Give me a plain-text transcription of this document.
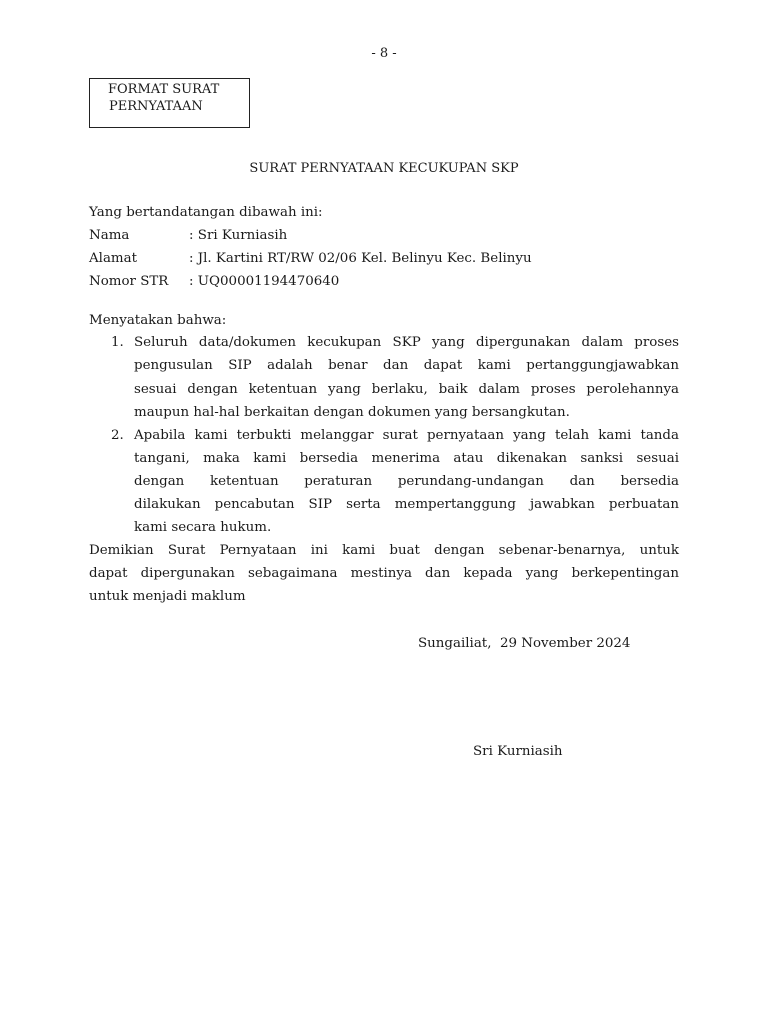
- 8 -
FORMAT SURAT
PERNYATAAN
SURAT PERNYATAAN KECUKUPAN SKP
Yang bertandatangan dibawah ini:
Nama	: Sri Kurniasih
Alamat	: Jl. Kartini RT/RW 02/06 Kel. Belinyu Kec. Belinyu
Nomor STR : UQ00001194470640
Menyatakan bahwa:
1. Seluruh data/dokumen kecukupan SKP yang dipergunakan dalam proses
pengusulan SIP adalah benar dan dapat kami pertanggungjawabkan
sesuai dengan ketentuan yang berlaku, baik dalam proses perolehannya
maupun hal-hal berkaitan dengan dokumen yang bersangkutan.
2. Apabila kami terbukti melanggar surat pernyataan yang telah kami tanda
tangani, maka kami bersedia menerima atau dikenakan sanksi sesuai
dengan ketentuan peraturan perundang-undangan dan bersedia
dilakukan pencabutan SIP serta mempertanggung jawabkan perbuatan
kami secara hukum.
Demikian Surat Pernyataan ini kami buat dengan sebenar-benarnya, untuk
dapat dipergunakan sebagaimana mestinya dan kepada yang berkepentingan
untuk menjadi maklum
Sungailiat,  29 November 2024
Sri Kurniasih
